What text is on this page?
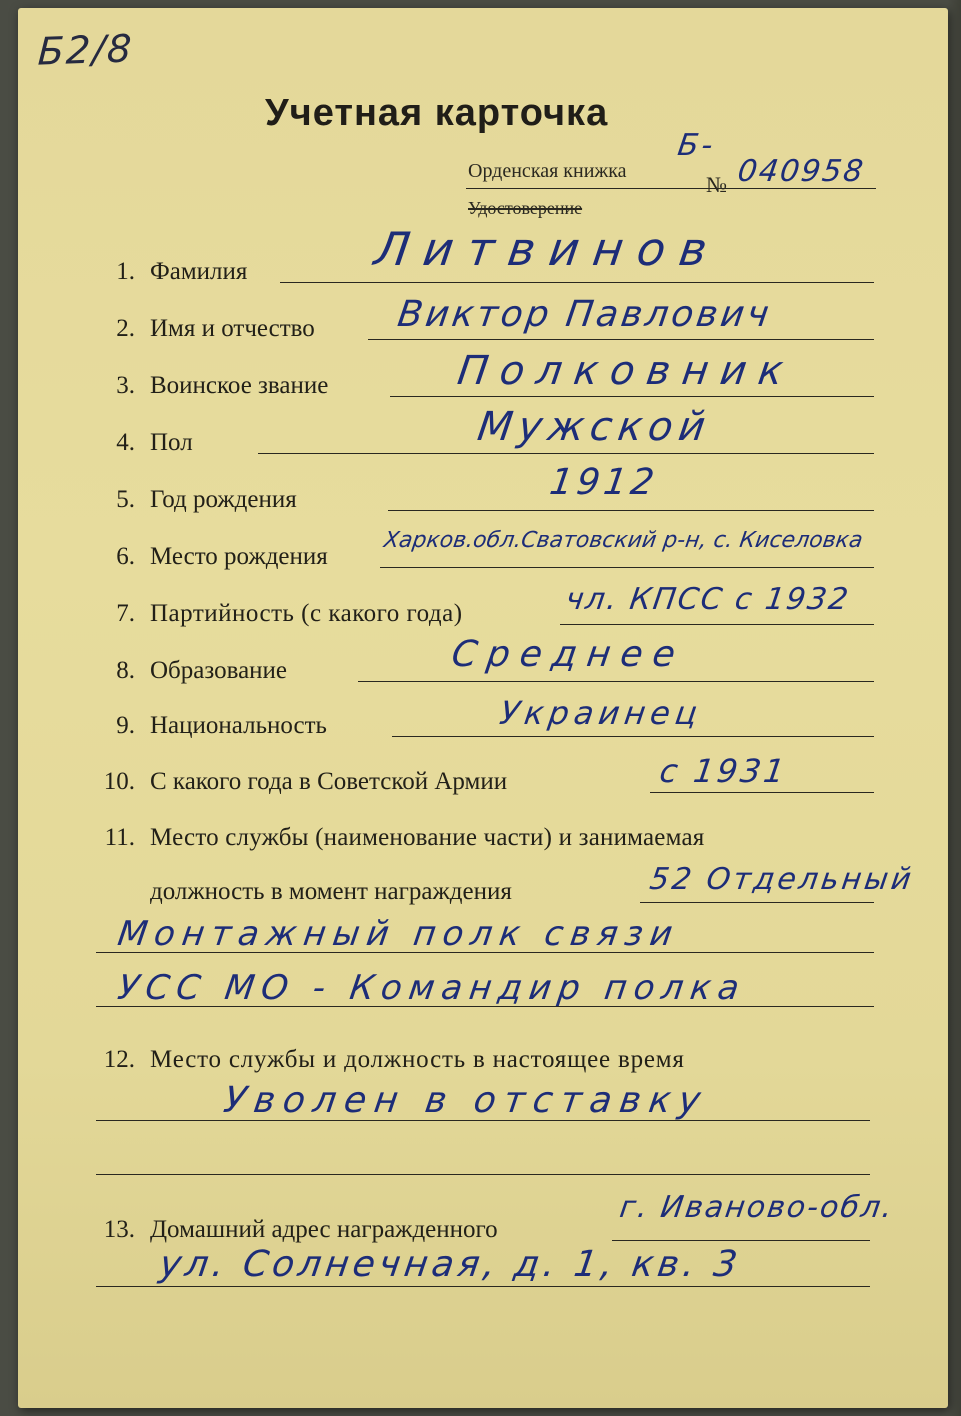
Б2/8
Учетная карточка
Орденская книжка
Б-
№ 040958
Удостоверение
1. Фамилия	Литвинов
2. Имя и отчество Виктор Павлович
3. Воинское звание	Полковник
4. Пол	Мужской
5. Год рождения	1912
6. Место рождения
Харков.обл.Сватовский р-н, с. Киселовка
7. Партийность (с какого года)	чл. КПСС с 1932
8. Образование	Среднее
9. Национальность	Украинец
10. С какого года в Советской Армии	с 1931
11. Место службы (наименование части) и занимаемая
должность в момент награждения	52 Отдельный
Монтажный полк связи
УСС МО - Командир полка
12. Место службы и должность в настоящее время
Уволен в отставку
13. Домашний адрес награжденного
г. Иваново-обл.
ул. Солнечная, д. 1, кв. 3
